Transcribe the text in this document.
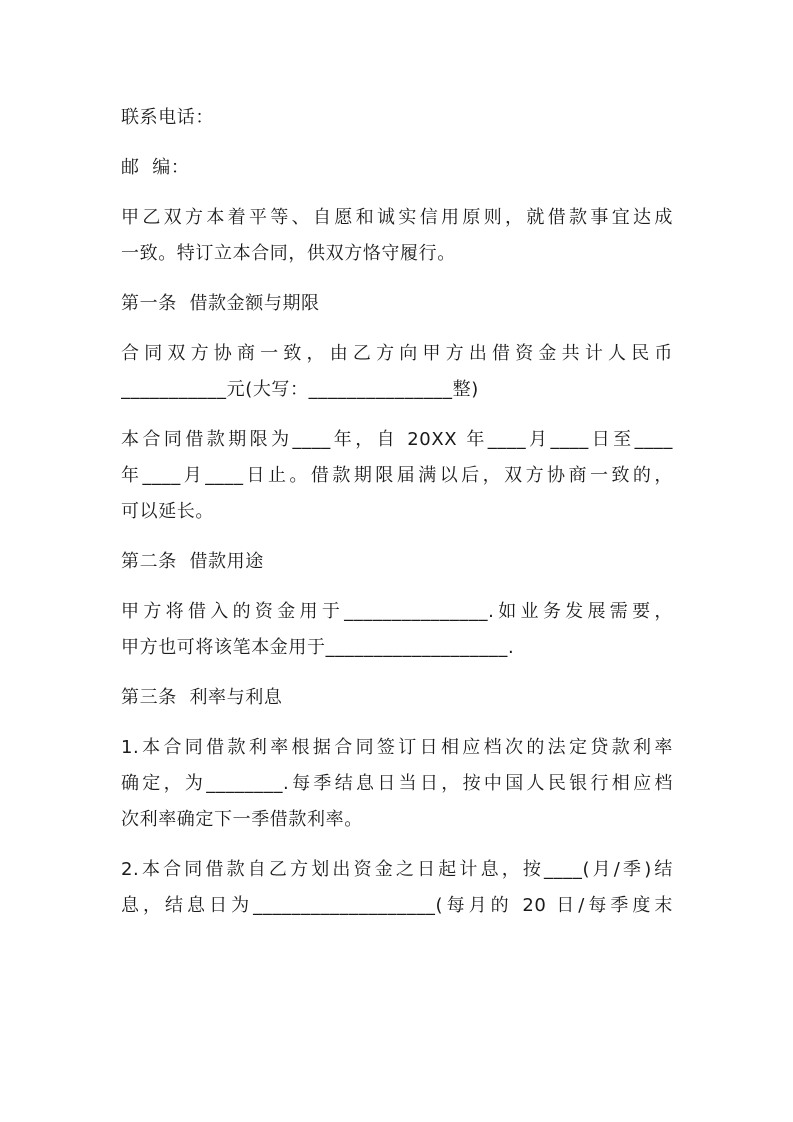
联系电话：
邮  编：
甲乙双方本着平等、自愿和诚实信用原则，就借款事宜达成
一致。特订立本合同，供双方恪守履行。
第一条  借款金额与期限
合同双方协商一致，由乙方向甲方出借资金共计人民币
___________元(大写：_______________整)
本合同借款期限为____年，自 20XX 年____月____日至____
年____月____日止。借款期限届满以后，双方协商一致的，
可以延长。
第二条  借款用途
甲方将借入的资金用于_______________.如业务发展需要，
甲方也可将该笔本金用于___________________.
第三条  利率与利息
1.本合同借款利率根据合同签订日相应档次的法定贷款利率
确定，为________.每季结息日当日，按中国人民银行相应档
次利率确定下一季借款利率。
2.本合同借款自乙方划出资金之日起计息，按____(月/季)结
息，结息日为___________________(每月的 20 日/每季度末
